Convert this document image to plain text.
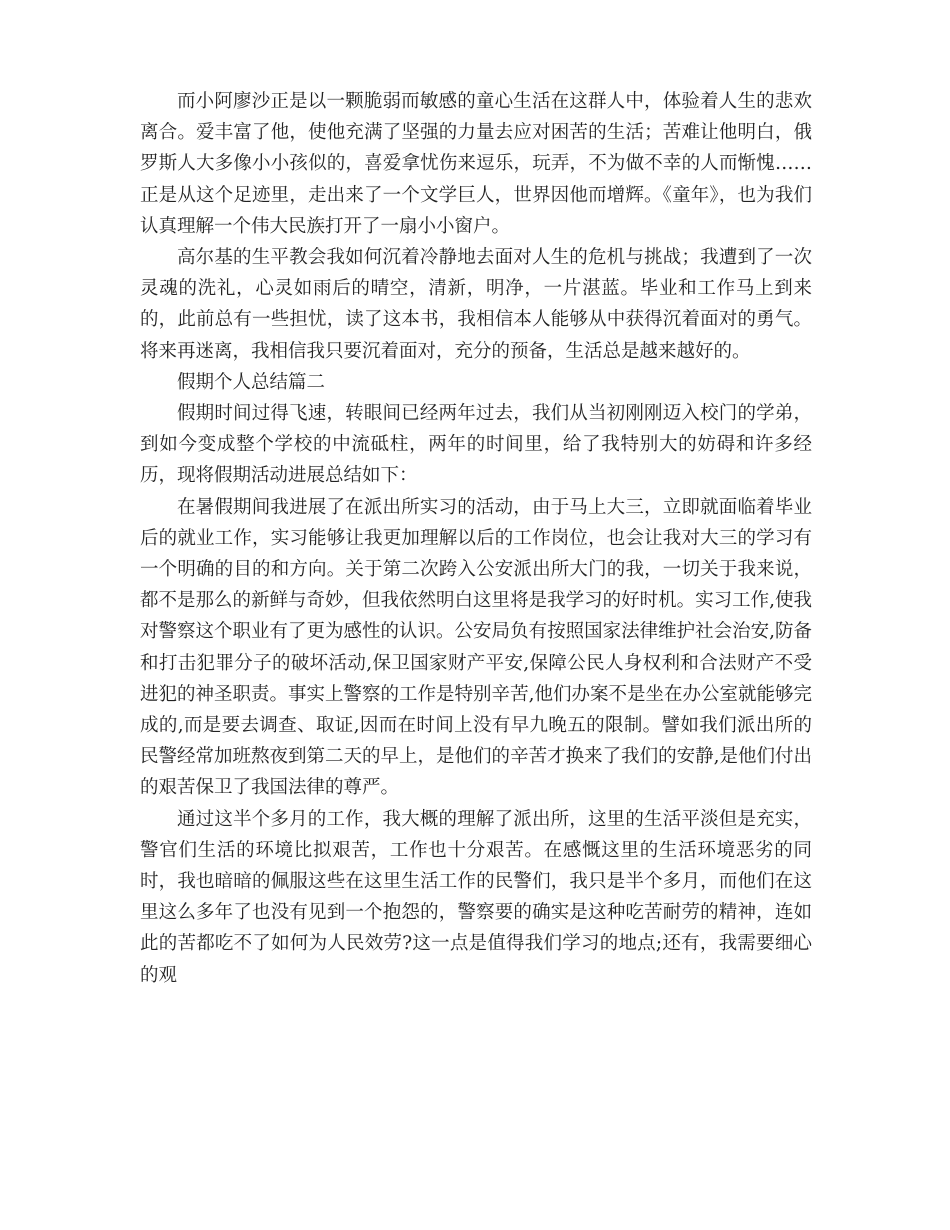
而小阿廖沙正是以一颗脆弱而敏感的童心生活在这群人中，体验着人生的悲欢离合。爱丰富了他，使他充满了坚强的力量去应对困苦的生活；苦难让他明白，俄罗斯人大多像小小孩似的，喜爱拿忧伤来逗乐，玩弄，不为做不幸的人而惭愧……正是从这个足迹里，走出来了一个文学巨人，世界因他而增辉。《童年》，也为我们认真理解一个伟大民族打开了一扇小小窗户。

高尔基的生平教会我如何沉着冷静地去面对人生的危机与挑战；我遭到了一次灵魂的洗礼，心灵如雨后的晴空，清新，明净，一片湛蓝。毕业和工作马上到来的，此前总有一些担忧，读了这本书，我相信本人能够从中获得沉着面对的勇气。将来再迷离，我相信我只要沉着面对，充分的预备，生活总是越来越好的。

假期个人总结篇二

假期时间过得飞速，转眼间已经两年过去，我们从当初刚刚迈入校门的学弟，到如今变成整个学校的中流砥柱，两年的时间里，给了我特别大的妨碍和许多经历，现将假期活动进展总结如下：

在暑假期间我进展了在派出所实习的活动，由于马上大三，立即就面临着毕业后的就业工作，实习能够让我更加理解以后的工作岗位，也会让我对大三的学习有一个明确的目的和方向。关于第二次跨入公安派出所大门的我，一切关于我来说，都不是那么的新鲜与奇妙，但我依然明白这里将是我学习的好时机。实习工作,使我对警察这个职业有了更为感性的认识。公安局负有按照国家法律维护社会治安,防备和打击犯罪分子的破坏活动,保卫国家财产平安,保障公民人身权利和合法财产不受进犯的神圣职责。事实上警察的工作是特别辛苦,他们办案不是坐在办公室就能够完成的,而是要去调查、取证,因而在时间上没有早九晚五的限制。譬如我们派出所的民警经常加班熬夜到第二天的早上，是他们的辛苦才换来了我们的安静,是他们付出的艰苦保卫了我国法律的尊严。

通过这半个多月的工作，我大概的理解了派出所，这里的生活平淡但是充实，警官们生活的环境比拟艰苦，工作也十分艰苦。在感慨这里的生活环境恶劣的同时，我也暗暗的佩服这些在这里生活工作的民警们，我只是半个多月，而他们在这里这么多年了也没有见到一个抱怨的，警察要的确实是这种吃苦耐劳的精神，连如此的苦都吃不了如何为人民效劳?这一点是值得我们学习的地点;还有，我需要细心的观
